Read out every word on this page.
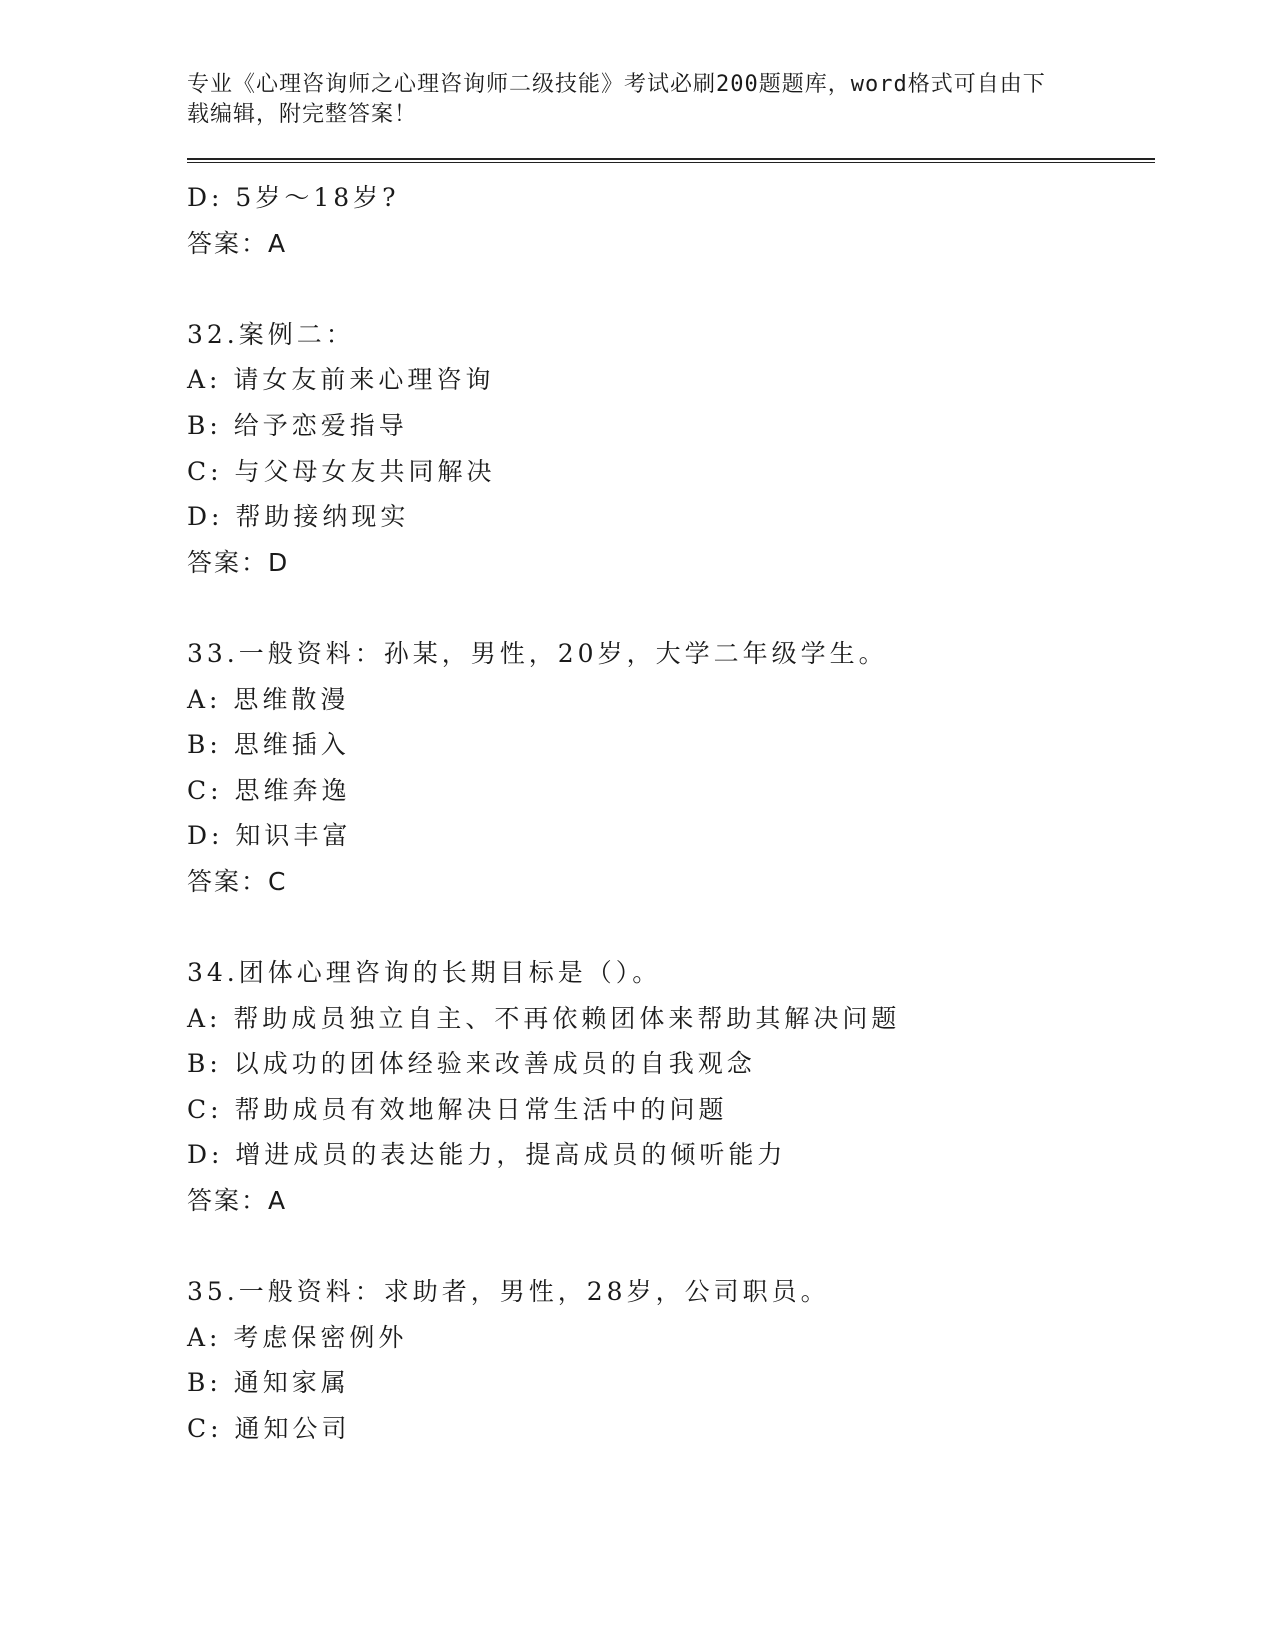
专业《心理咨询师之心理咨询师二级技能》考试必刷200题题库，word格式可自由下载编辑，附完整答案！
D: 5岁～18岁?
答案：A
32.案例二：
A: 请女友前来心理咨询
B: 给予恋爱指导
C: 与父母女友共同解决
D: 帮助接纳现实
答案：D
33.一般资料：孙某，男性，20岁，大学二年级学生。
A: 思维散漫
B: 思维插入
C: 思维奔逸
D: 知识丰富
答案：C
34.团体心理咨询的长期目标是（）。
A: 帮助成员独立自主、不再依赖团体来帮助其解决问题
B: 以成功的团体经验来改善成员的自我观念
C: 帮助成员有效地解决日常生活中的问题
D: 增进成员的表达能力，提高成员的倾听能力
答案：A
35.一般资料：求助者，男性，28岁，公司职员。
A: 考虑保密例外
B: 通知家属
C: 通知公司
